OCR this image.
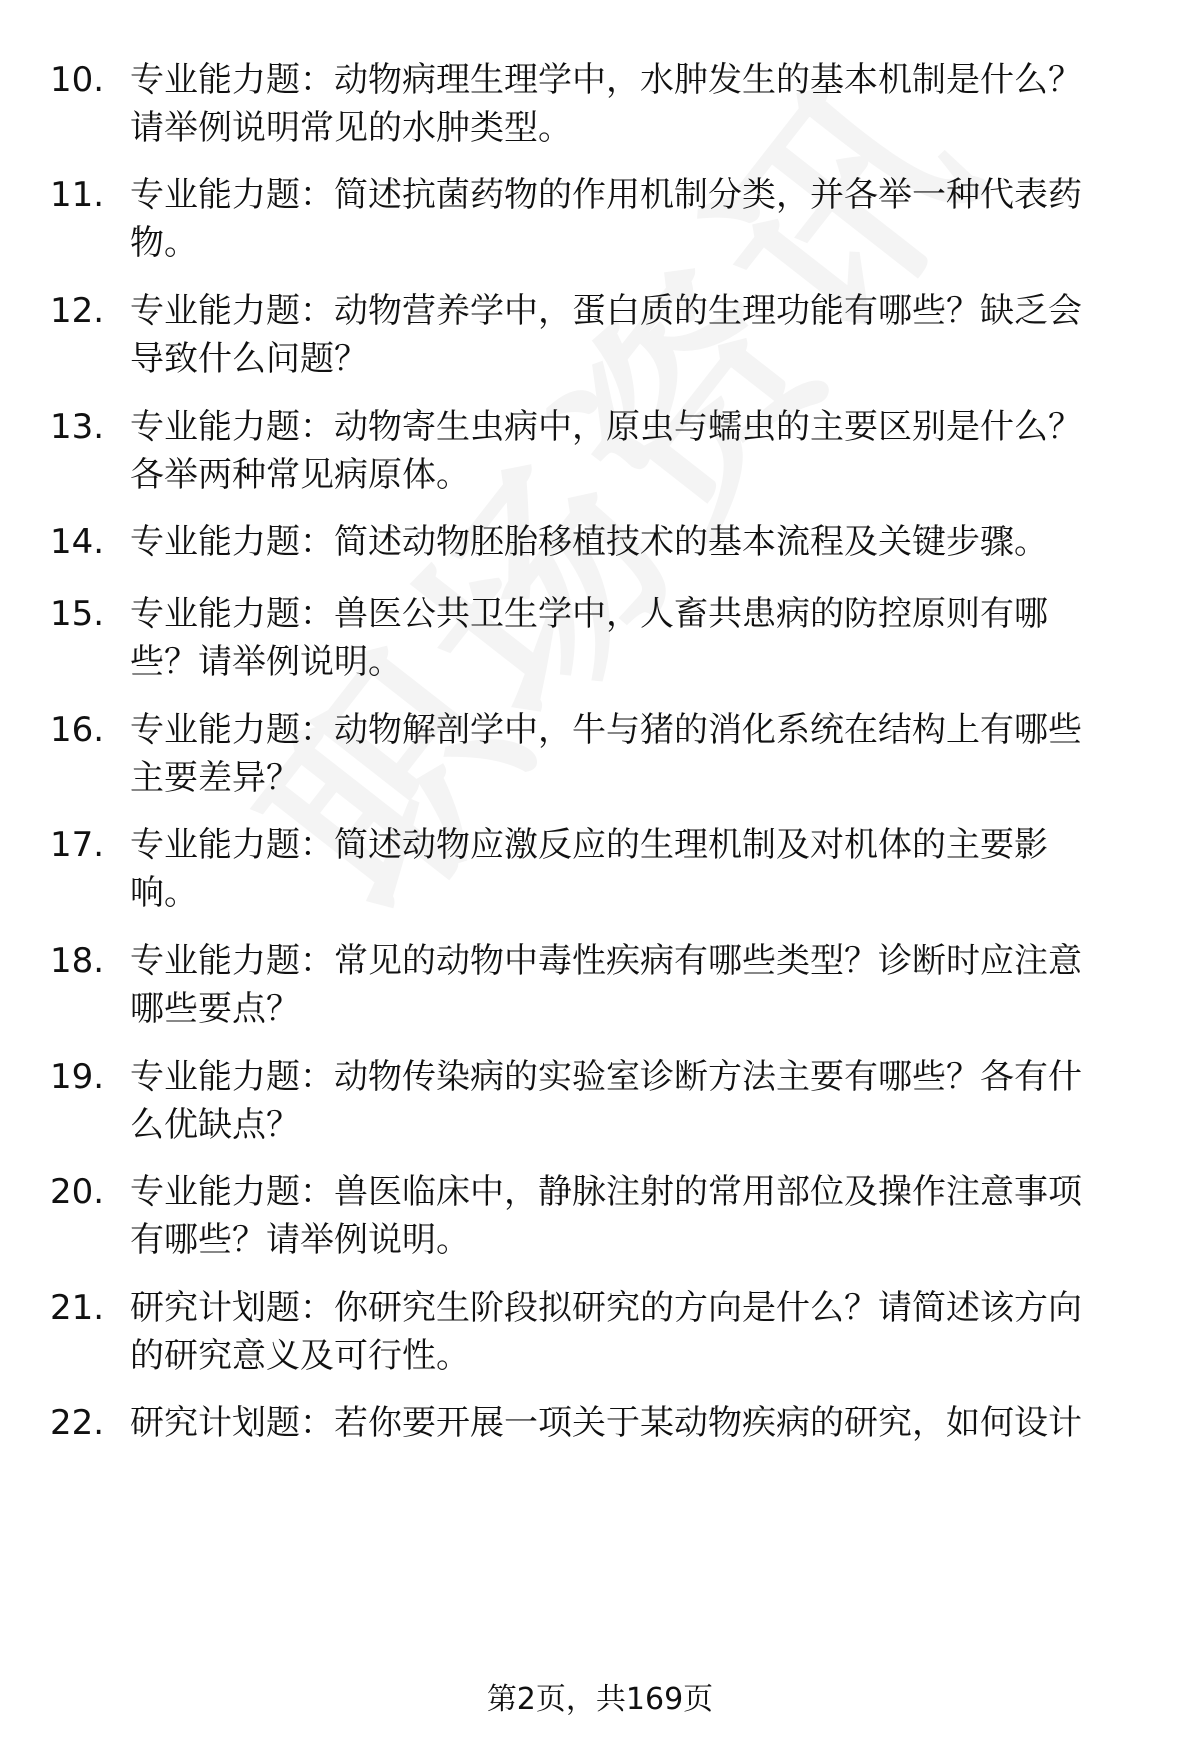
10. 专业能力题：动物病理生理学中，水肿发生的基本机制是什么？
请举例说明常见的水肿类型。
11. 专业能力题：简述抗菌药物的作用机制分类，并各举一种代表药
物。
12. 专业能力题：动物营养学中，蛋白质的生理功能有哪些？缺乏会
导致什么问题？
13. 专业能力题：动物寄生虫病中，原虫与蠕虫的主要区别是什么？
各举两种常见病原体。
14. 专业能力题：简述动物胚胎移植技术的基本流程及关键步骤。
15. 专业能力题：兽医公共卫生学中，人畜共患病的防控原则有哪
些？请举例说明。
16. 专业能力题：动物解剖学中，牛与猪的消化系统在结构上有哪些
主要差异？
17. 专业能力题：简述动物应激反应的生理机制及对机体的主要影
响。
18. 专业能力题：常见的动物中毒性疾病有哪些类型？诊断时应注意
哪些要点？
19. 专业能力题：动物传染病的实验室诊断方法主要有哪些？各有什
么优缺点？
20. 专业能力题：兽医临床中，静脉注射的常用部位及操作注意事项
有哪些？请举例说明。
21. 研究计划题：你研究生阶段拟研究的方向是什么？请简述该方向
的研究意义及可行性。
22. 研究计划题：若你要开展一项关于某动物疾病的研究，如何设计
第2页，共169页
